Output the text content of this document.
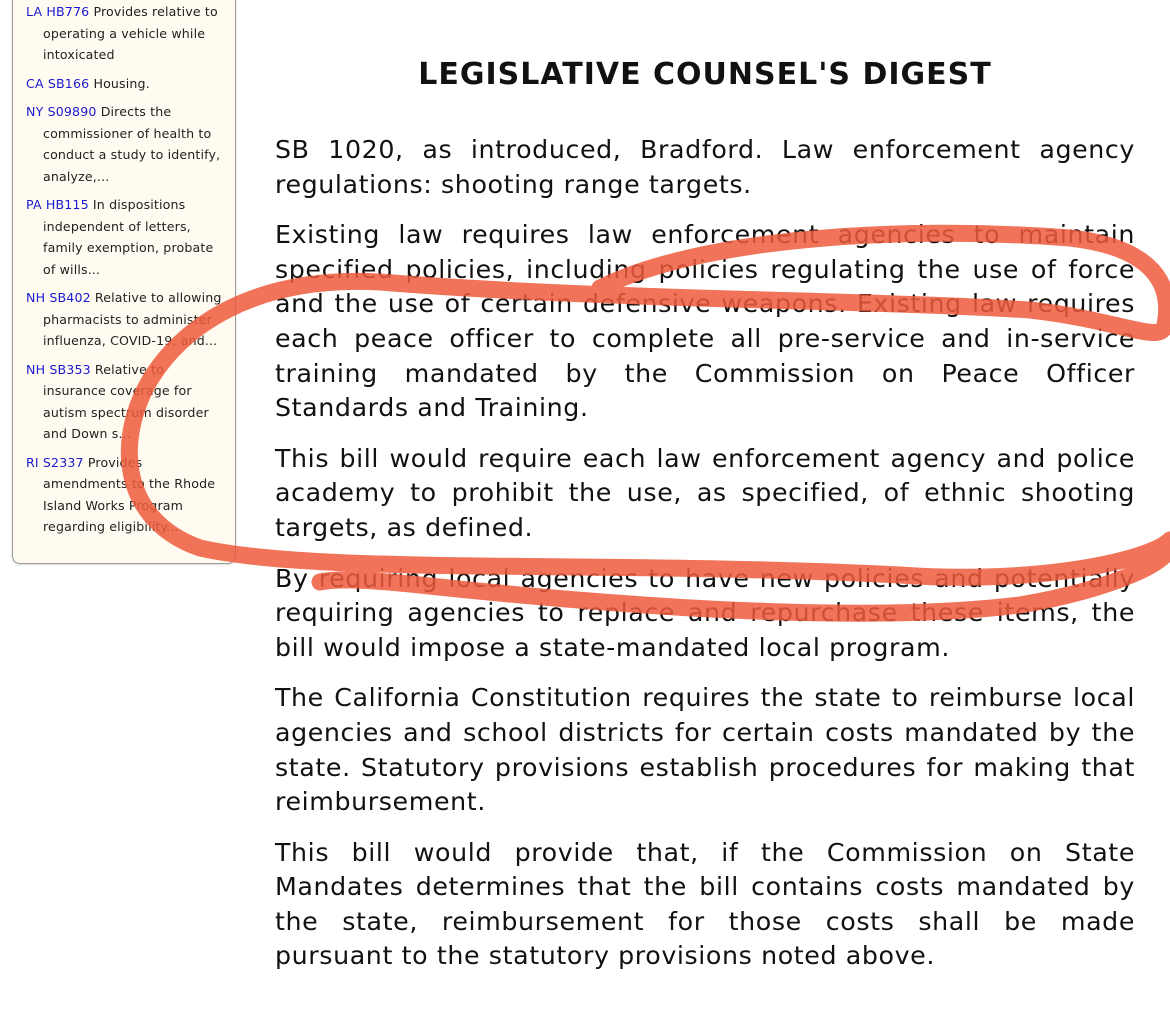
LA HB776 Provides relative to operating a vehicle while intoxicated
CA SB166 Housing.
NY S09890 Directs the commissioner of health to conduct a study to identify, analyze,...
PA HB115 In dispositions independent of letters, family exemption, probate of wills...
NH SB402 Relative to allowing pharmacists to administer influenza, COVID-19, and...
NH SB353 Relative to insurance coverage for autism spectrum disorder and Down s...
RI S2337 Provides amendments to the Rhode Island Works Program regarding eligibility...
LEGISLATIVE COUNSEL'S DIGEST

SB 1020, as introduced, Bradford. Law enforcement agency regulations: shooting range targets.

Existing law requires law enforcement agencies to maintain specified policies, including policies regulating the use of force and the use of certain defensive weapons. Existing law requires each peace officer to complete all pre-service and in-service training mandated by the Commission on Peace Officer Standards and Training.

This bill would require each law enforcement agency and police academy to prohibit the use, as specified, of ethnic shooting targets, as defined.

By requiring local agencies to have new policies and potentially requiring agencies to replace and repurchase these items, the bill would impose a state-mandated local program.

The California Constitution requires the state to reimburse local agencies and school districts for certain costs mandated by the state. Statutory provisions establish procedures for making that reimbursement.

This bill would provide that, if the Commission on State Mandates determines that the bill contains costs mandated by the state, reimbursement for those costs shall be made pursuant to the statutory provisions noted above.
